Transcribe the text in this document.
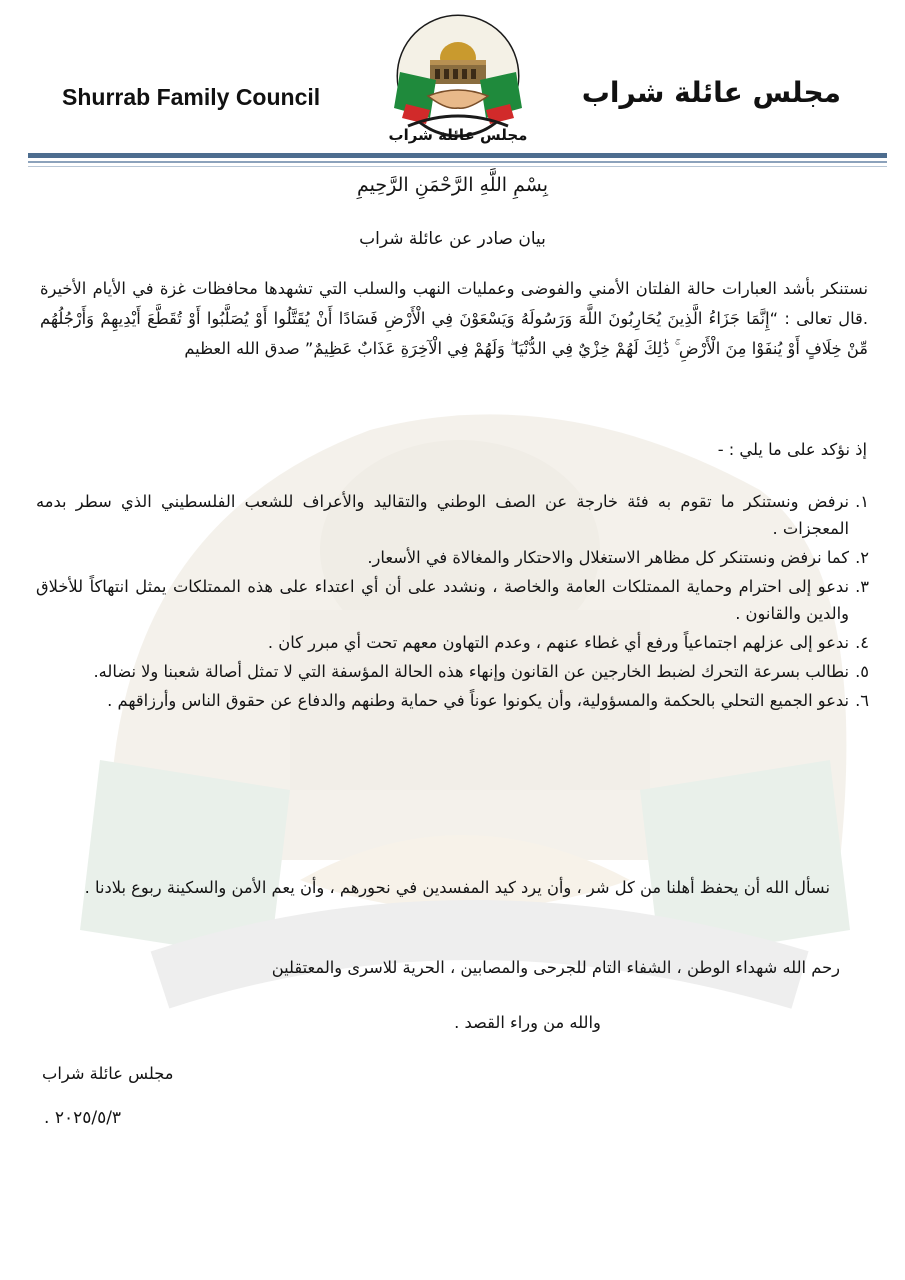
Shurrab Family Council	مجلس عائلة شراب
مجلس عائلة شراب
بِسْمِ اللَّهِ الرَّحْمَنِ الرَّحِيمِ
بيان صادر عن عائلة شراب
نستنكر بأشد العبارات حالة الفلتان الأمني والفوضى وعمليات النهب والسلب التي تشهدها محافظات غزة في الأيام الأخيرة .قال تعالى : “إِنَّمَا جَزَاءُ الَّذِينَ يُحَارِبُونَ اللَّهَ وَرَسُولَهُ وَيَسْعَوْنَ فِي الْأَرْضِ فَسَادًا أَنْ يُقَتَّلُوا أَوْ يُصَلَّبُوا أَوْ تُقَطَّعَ أَيْدِيهِمْ وَأَرْجُلُهُم مِّنْ خِلَافٍ أَوْ يُنفَوْا مِنَ الْأَرْضِ ۚ ذَٰلِكَ لَهُمْ خِزْيٌ فِي الدُّنْيَا ۖ وَلَهُمْ فِي الْآخِرَةِ عَذَابٌ عَظِيمٌ” صدق الله العظيم
إذ نؤكد على ما يلي : -
١.
نرفض ونستنكر ما تقوم به فئة خارجة عن الصف الوطني والتقاليد والأعراف للشعب الفلسطيني الذي سطر بدمه المعجزات .
٢.
كما نرفض ونستنكر كل مظاهر الاستغلال والاحتكار والمغالاة في الأسعار.
٣.
ندعو إلى احترام وحماية الممتلكات العامة والخاصة ، ونشدد على أن أي اعتداء على هذه الممتلكات يمثل انتهاكاً للأخلاق والدين والقانون .
٤.
ندعو إلى عزلهم اجتماعياً ورفع أي غطاء عنهم ، وعدم التهاون معهم تحت أي مبرر كان .
٥.
نطالب بسرعة التحرك لضبط الخارجين عن القانون وإنهاء هذه الحالة المؤسفة التي لا تمثل أصالة شعبنا ولا نضاله.
٦.
ندعو الجميع التحلي بالحكمة والمسؤولية، وأن يكونوا عوناً في حماية وطنهم والدفاع عن حقوق الناس وأرزاقهم .
نسأل الله أن يحفظ أهلنا من كل شر ، وأن يرد كيد المفسدين في نحورهم ، وأن يعم الأمن والسكينة ربوع بلادنا .
رحم الله شهداء الوطن ، الشفاء التام للجرحى والمصابين ، الحرية للاسرى والمعتقلين
والله من وراء القصد .
مجلس عائلة شراب
. ٢٠٢٥/٥/٣
